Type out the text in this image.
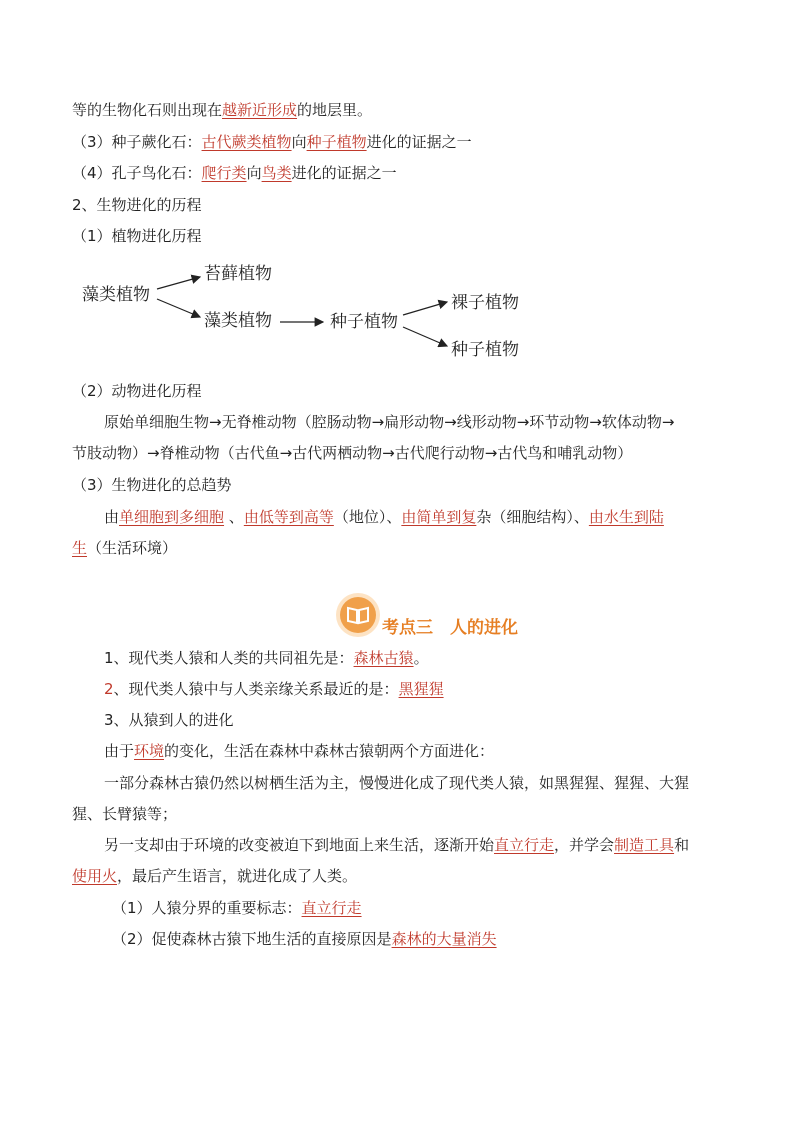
等的生物化石则出现在越新近形成的地层里。
（3）种子蕨化石：古代蕨类植物向种子植物进化的证据之一
（4）孔子鸟化石：爬行类向鸟类进化的证据之一
2、生物进化的历程
（1）植物进化历程
藻类植物
苔藓植物
藻类植物	种子植物
裸子植物
种子植物
（2）动物进化历程
原始单细胞生物→无脊椎动物（腔肠动物→扁形动物→线形动物→环节动物→软体动物→
节肢动物）→脊椎动物（古代鱼→古代两栖动物→古代爬行动物→古代鸟和哺乳动物）
（3）生物进化的总趋势
由单细胞到多细胞 、由低等到高等（地位）、由简单到复杂（细胞结构）、由水生到陆
生（生活环境）
考点三　人的进化
1、现代类人猿和人类的共同祖先是：森林古猿。
2、现代类人猿中与人类亲缘关系最近的是：黑猩猩
3、从猿到人的进化
由于环境的变化，生活在森林中森林古猿朝两个方面进化：
一部分森林古猿仍然以树栖生活为主，慢慢进化成了现代类人猿，如黑猩猩、猩猩、大猩
猩、长臂猿等；
另一支却由于环境的改变被迫下到地面上来生活，逐渐开始直立行走，并学会制造工具和
使用火，最后产生语言，就进化成了人类。
（1）人猿分界的重要标志：直立行走
（2）促使森林古猿下地生活的直接原因是森林的大量消失
